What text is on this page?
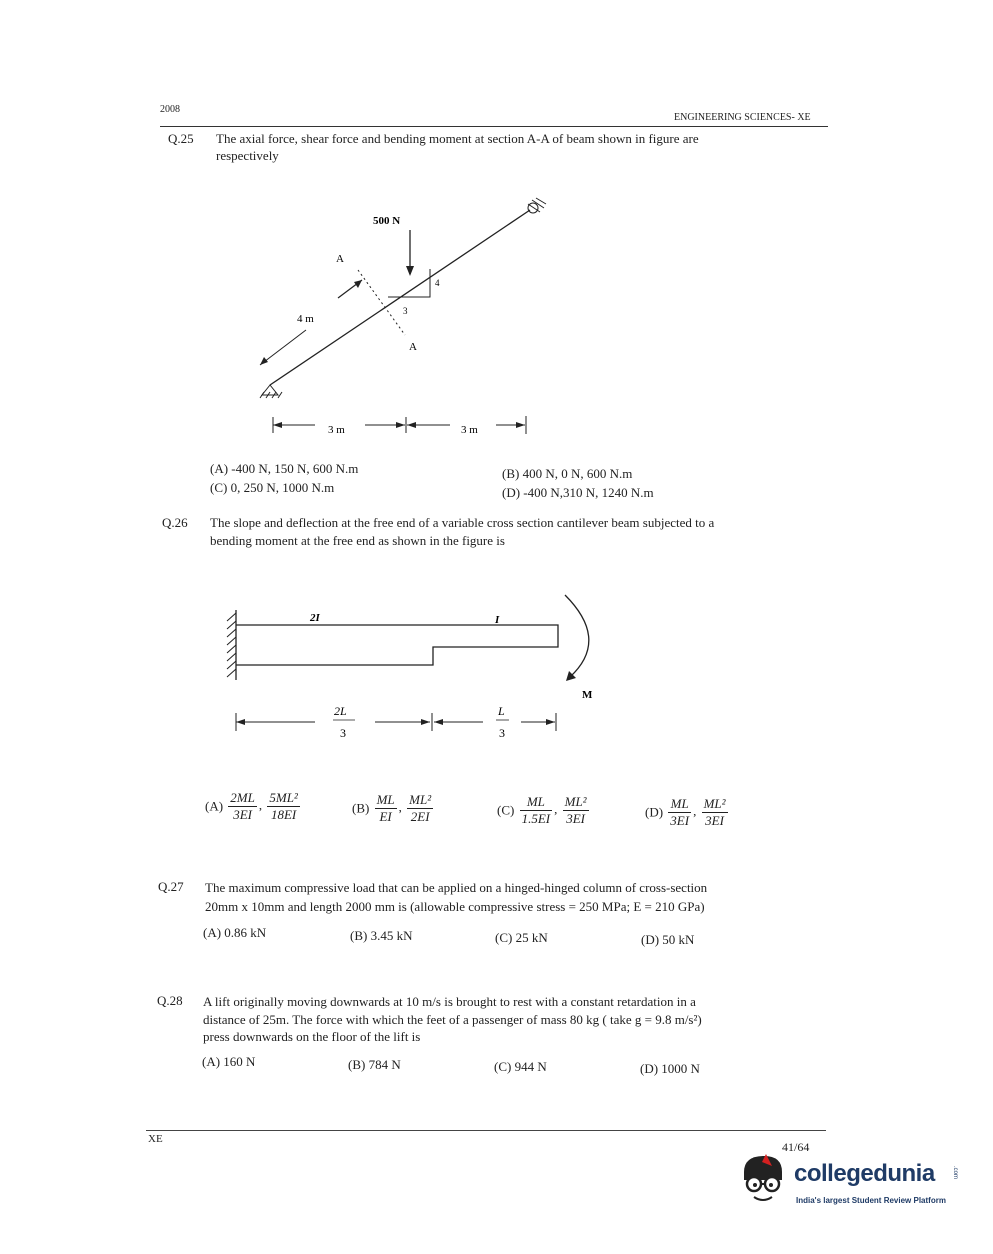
2008
ENGINEERING SCIENCES- XE
Q.25 The axial force, shear force and bending moment at section A-A of beam shown in figure are
respectively
500 N
4
3
A
A
4 m
3 m	3 m
(A) -400 N, 150 N, 600 N.m	(B) 400 N, 0 N, 600 N.m
(C) 0, 250 N, 1000 N.m	(D) -400 N,310 N, 1240 N.m
Q.26 The slope and deflection at the free end of a variable cross section cantilever beam subjected to a
bending moment at the free end as shown in the figure is
2I	I
M
2L
3
L
3
$(A) \frac{2ML}{3EI}$ , $\frac{\text{5ML²}}{18EI}$	$(B) \frac{ML}{EI}$ , $\frac{\text{ML²}}{2EI}$	$(C) \frac{ML}{1.5EI}$ , $\frac{\text{ML²}}{3EI}$	$(D) \frac{ML}{3EI}$ , $\frac{\text{ML²}}{3EI}$
Q.27 The maximum compressive load that can be applied on a hinged-hinged column of cross-section
20mm x 10mm and length 2000 mm is (allowable compressive stress = 250 MPa; E = 210 GPa)
(A) 0.86 kN	(B) 3.45 kN	(C) 25 kN	(D) 50 kN
Q.28 A lift originally moving downwards at 10 m/s is brought to rest with a constant retardation in a
distance of 25m. The force with which the feet of a passenger of mass 80 kg ( take g = 9.8 m/s²)
press downwards on the floor of the lift is
(A) 160 N	(B) 784 N	(C) 944 N	(D) 1000 N
XE
41/64
collegedunia	.com
India's largest Student Review Platform
